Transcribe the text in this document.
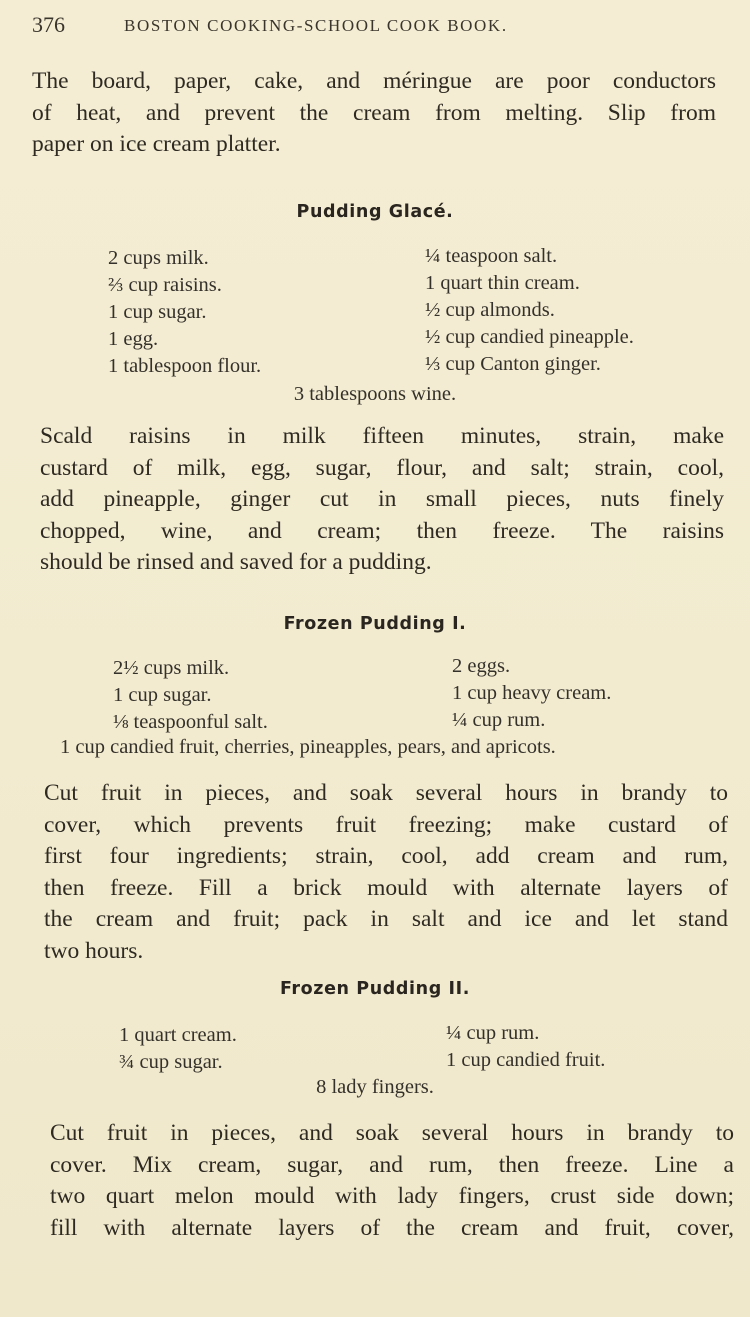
376	BOSTON COOKING-SCHOOL COOK BOOK.
The board, paper, cake, and méringue are poor conductors
of heat, and prevent the cream from melting. Slip from
paper on ice cream platter.
Pudding Glacé.
2 cups milk.
⅔ cup raisins.
1 cup sugar.
1 egg.
1 tablespoon flour.
¼ teaspoon salt.
1 quart thin cream.
½ cup almonds.
½ cup candied pineapple.
⅓ cup Canton ginger.
3 tablespoons wine.
Scald raisins in milk fifteen minutes, strain, make
custard of milk, egg, sugar, flour, and salt; strain, cool,
add pineapple, ginger cut in small pieces, nuts finely
chopped, wine, and cream; then freeze. The raisins
should be rinsed and saved for a pudding.
Frozen Pudding I.
2½ cups milk.
1 cup sugar.
⅛ teaspoonful salt.
2 eggs.
1 cup heavy cream.
¼ cup rum.
1 cup candied fruit, cherries, pineapples, pears, and apricots.
Cut fruit in pieces, and soak several hours in brandy to
cover, which prevents fruit freezing; make custard of
first four ingredients; strain, cool, add cream and rum,
then freeze. Fill a brick mould with alternate layers of
the cream and fruit; pack in salt and ice and let stand
two hours.
Frozen Pudding II.
1 quart cream.
¾ cup sugar.
¼ cup rum.
1 cup candied fruit.
8 lady fingers.
Cut fruit in pieces, and soak several hours in brandy to
cover. Mix cream, sugar, and rum, then freeze. Line a
two quart melon mould with lady fingers, crust side down;
fill with alternate layers of the cream and fruit, cover,
